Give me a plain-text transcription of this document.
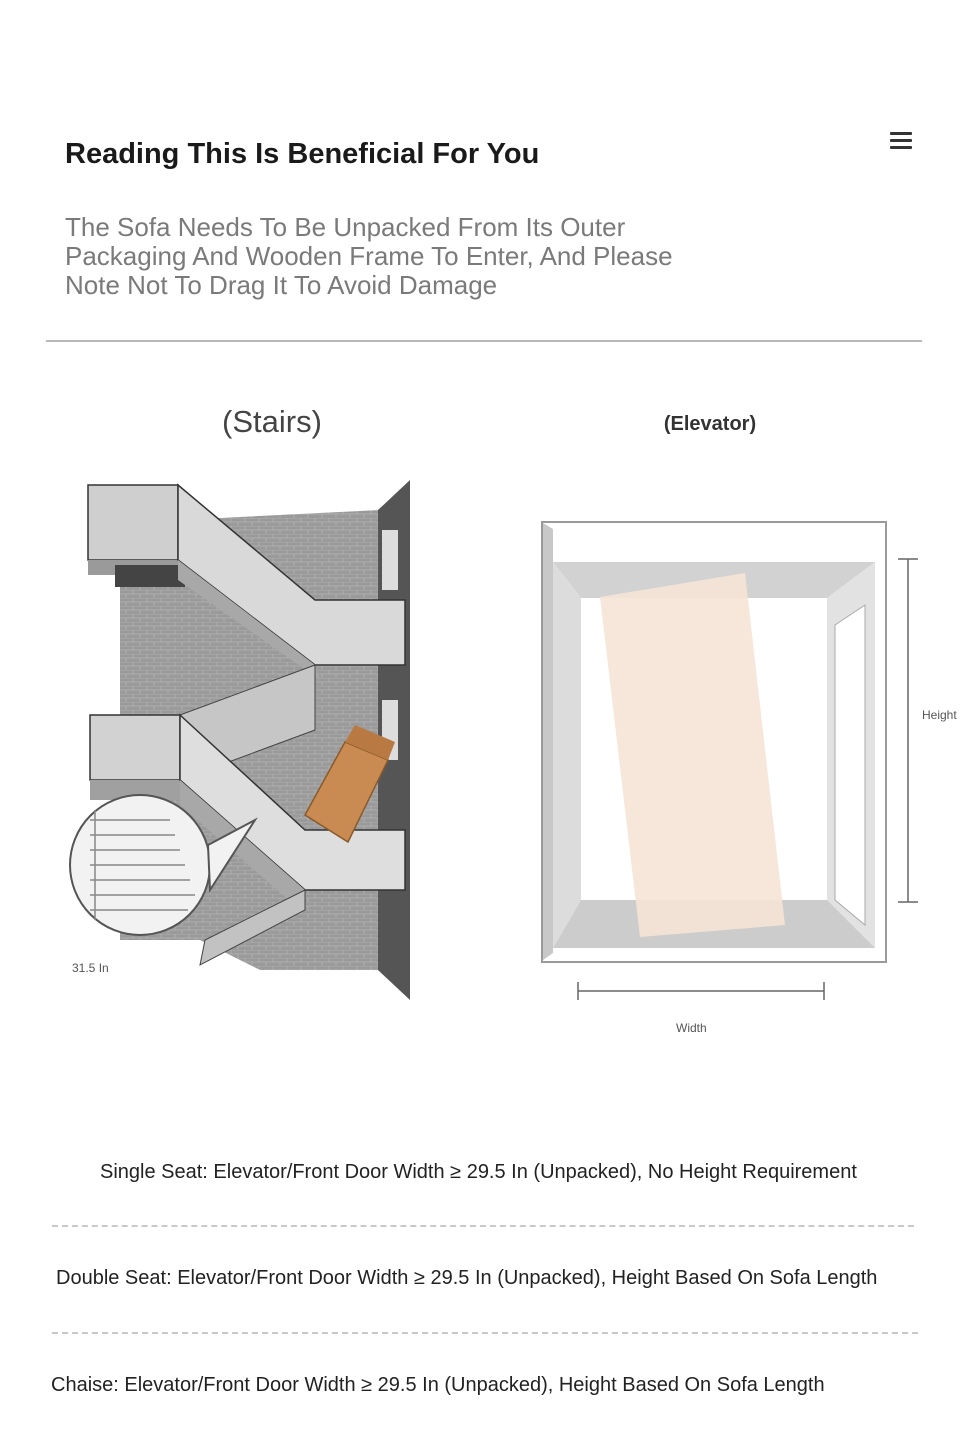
Reading This Is Beneficial For You
The Sofa Needs To Be Unpacked From Its Outer Packaging And Wooden Frame To Enter, And Please Note Not To Drag It To Avoid Damage
(Stairs)	(Elevator)
31.5 In
Height
Width
Single Seat: Elevator/Front Door Width ≥ 29.5 In (Unpacked), No Height Requirement
Double Seat: Elevator/Front Door Width ≥ 29.5 In (Unpacked), Height Based On Sofa Length
Chaise: Elevator/Front Door Width ≥ 29.5 In (Unpacked), Height Based On Sofa Length
